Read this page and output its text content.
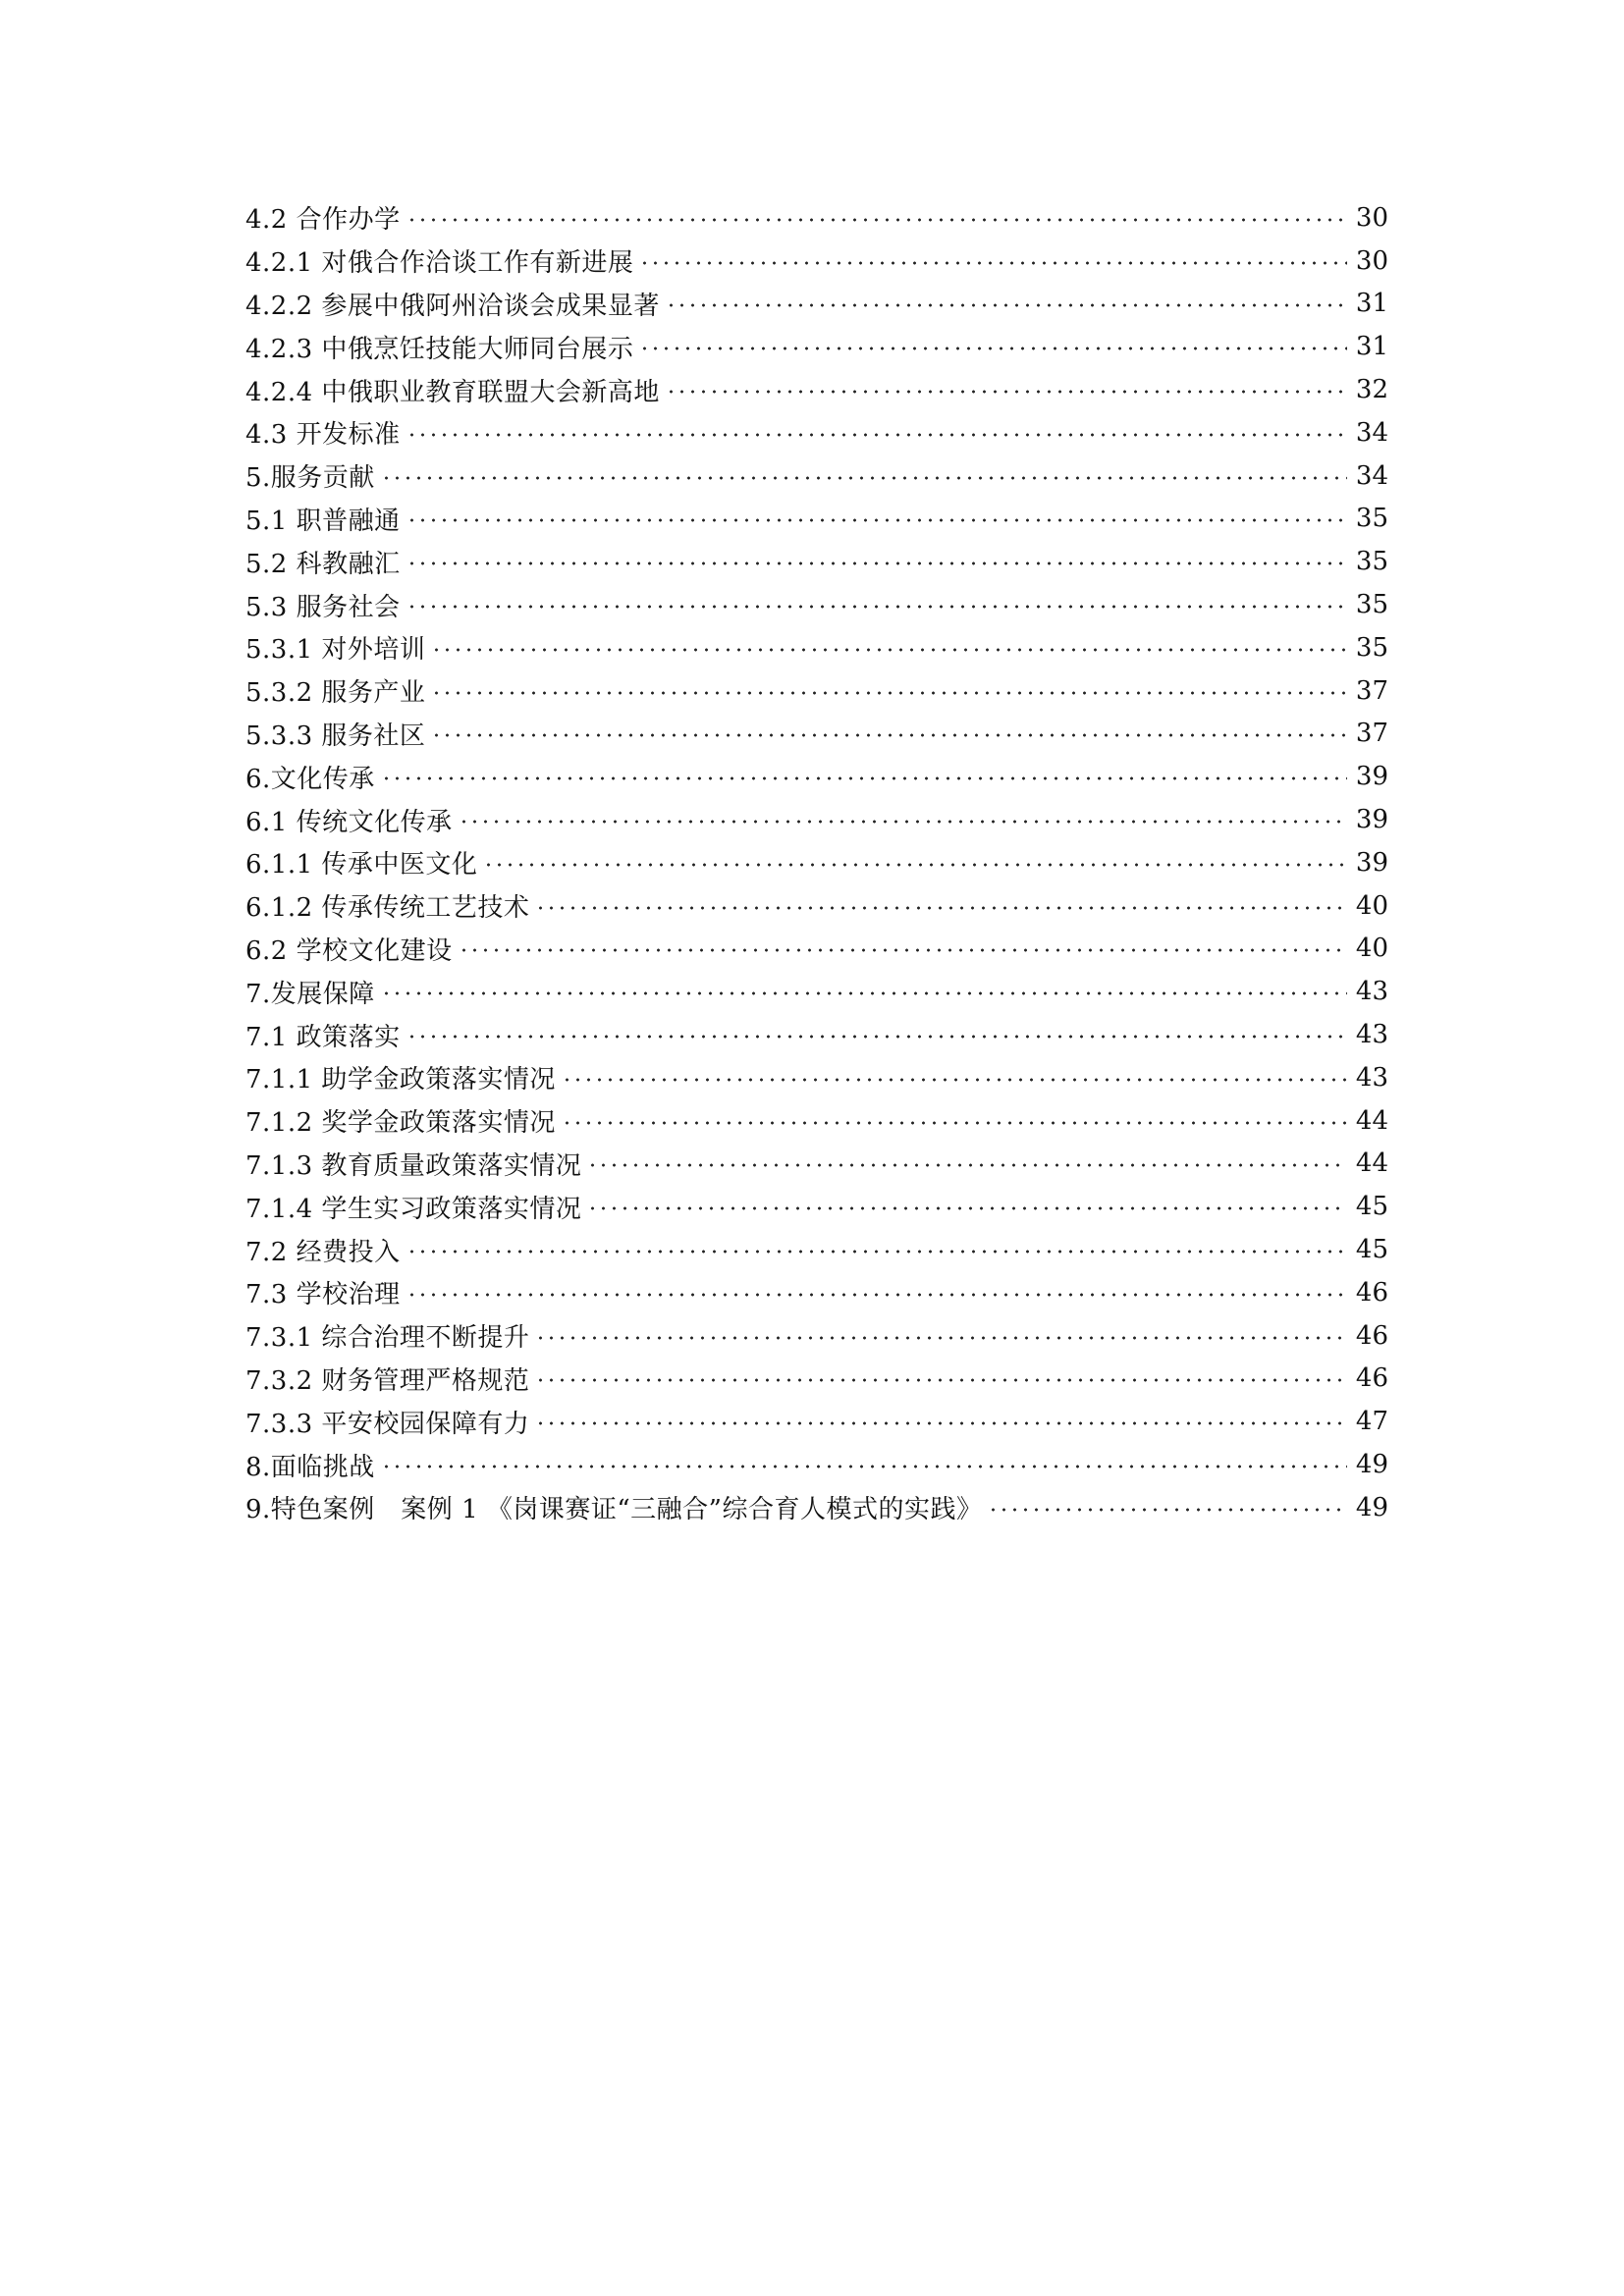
4.2 合作办学	30
4.2.1 对俄合作洽谈工作有新进展	30
4.2.2 参展中俄阿州洽谈会成果显著	31
4.2.3 中俄烹饪技能大师同台展示	31
4.2.4 中俄职业教育联盟大会新高地	32
4.3 开发标准	34
5.服务贡献	34
5.1 职普融通	35
5.2 科教融汇	35
5.3 服务社会	35
5.3.1 对外培训	35
5.3.2 服务产业	37
5.3.3 服务社区	37
6.文化传承	39
6.1 传统文化传承	39
6.1.1 传承中医文化	39
6.1.2 传承传统工艺技术	40
6.2 学校文化建设	40
7.发展保障	43
7.1 政策落实	43
7.1.1 助学金政策落实情况	43
7.1.2 奖学金政策落实情况	44
7.1.3 教育质量政策落实情况	44
7.1.4 学生实习政策落实情况	45
7.2 经费投入	45
7.3 学校治理	46
7.3.1 综合治理不断提升	46
7.3.2 财务管理严格规范	46
7.3.3 平安校园保障有力	47
8.面临挑战	49
9.特色案例　案例 1 《岗课赛证“三融合”综合育人模式的实践》	49
